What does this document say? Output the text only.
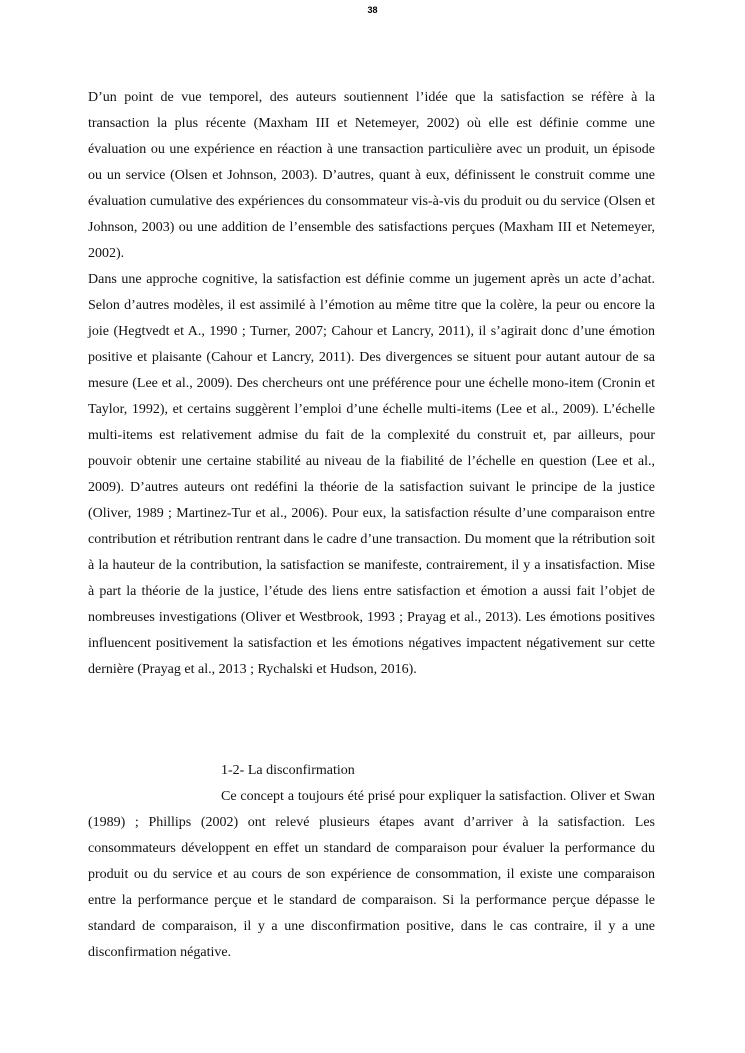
38

D’un point de vue temporel, des auteurs soutiennent l’idée que la satisfaction se réfère à la transaction la plus récente (Maxham III et Netemeyer, 2002) où elle est définie comme une évaluation ou une expérience en réaction à une transaction particulière avec un produit, un épisode ou un service (Olsen et Johnson, 2003). D’autres, quant à eux, définissent le construit comme une évaluation cumulative des expériences du consommateur vis-à-vis du produit ou du service (Olsen et Johnson, 2003) ou une addition de l’ensemble des satisfactions perçues (Maxham III et Netemeyer, 2002).

Dans une approche cognitive, la satisfaction est définie comme un jugement après un acte d’achat. Selon d’autres modèles, il est assimilé à l’émotion au même titre que la colère, la peur ou encore la joie (Hegtvedt et A., 1990 ; Turner, 2007; Cahour et Lancry, 2011), il s’agirait donc d’une émotion positive et plaisante (Cahour et Lancry, 2011). Des divergences se situent pour autant autour de sa mesure (Lee et al., 2009). Des chercheurs ont une préférence pour une échelle mono-item (Cronin et Taylor, 1992), et certains suggèrent l’emploi d’une échelle multi-items (Lee et al., 2009). L’échelle multi-items est relativement admise du fait de la complexité du construit et, par ailleurs, pour pouvoir obtenir une certaine stabilité au niveau de la fiabilité de l’échelle en question (Lee et al., 2009). D’autres auteurs ont redéfini la théorie de la satisfaction suivant le principe de la justice (Oliver, 1989 ; Martinez-Tur et al., 2006). Pour eux, la satisfaction résulte d’une comparaison entre contribution et rétribution rentrant dans le cadre d’une transaction. Du moment que la rétribution soit à la hauteur de la contribution, la satisfaction se manifeste, contrairement, il y a insatisfaction. Mise à part la théorie de la justice, l’étude des liens entre satisfaction et émotion a aussi fait l’objet de nombreuses investigations (Oliver et Westbrook, 1993 ; Prayag et al., 2013). Les émotions positives influencent positivement la satisfaction et les émotions négatives impactent négativement sur cette dernière (Prayag et al., 2013 ; Rychalski et Hudson, 2016).

1-2- La disconfirmation

Ce concept a toujours été prisé pour expliquer la satisfaction. Oliver et Swan (1989) ; Phillips (2002) ont relevé plusieurs étapes avant d’arriver à la satisfaction. Les consommateurs développent en effet un standard de comparaison pour évaluer la performance du produit ou du service et au cours de son expérience de consommation, il existe une comparaison entre la performance perçue et le standard de comparaison. Si la performance perçue dépasse le standard de comparaison, il y a une disconfirmation positive, dans le cas contraire, il y a une disconfirmation négative.
